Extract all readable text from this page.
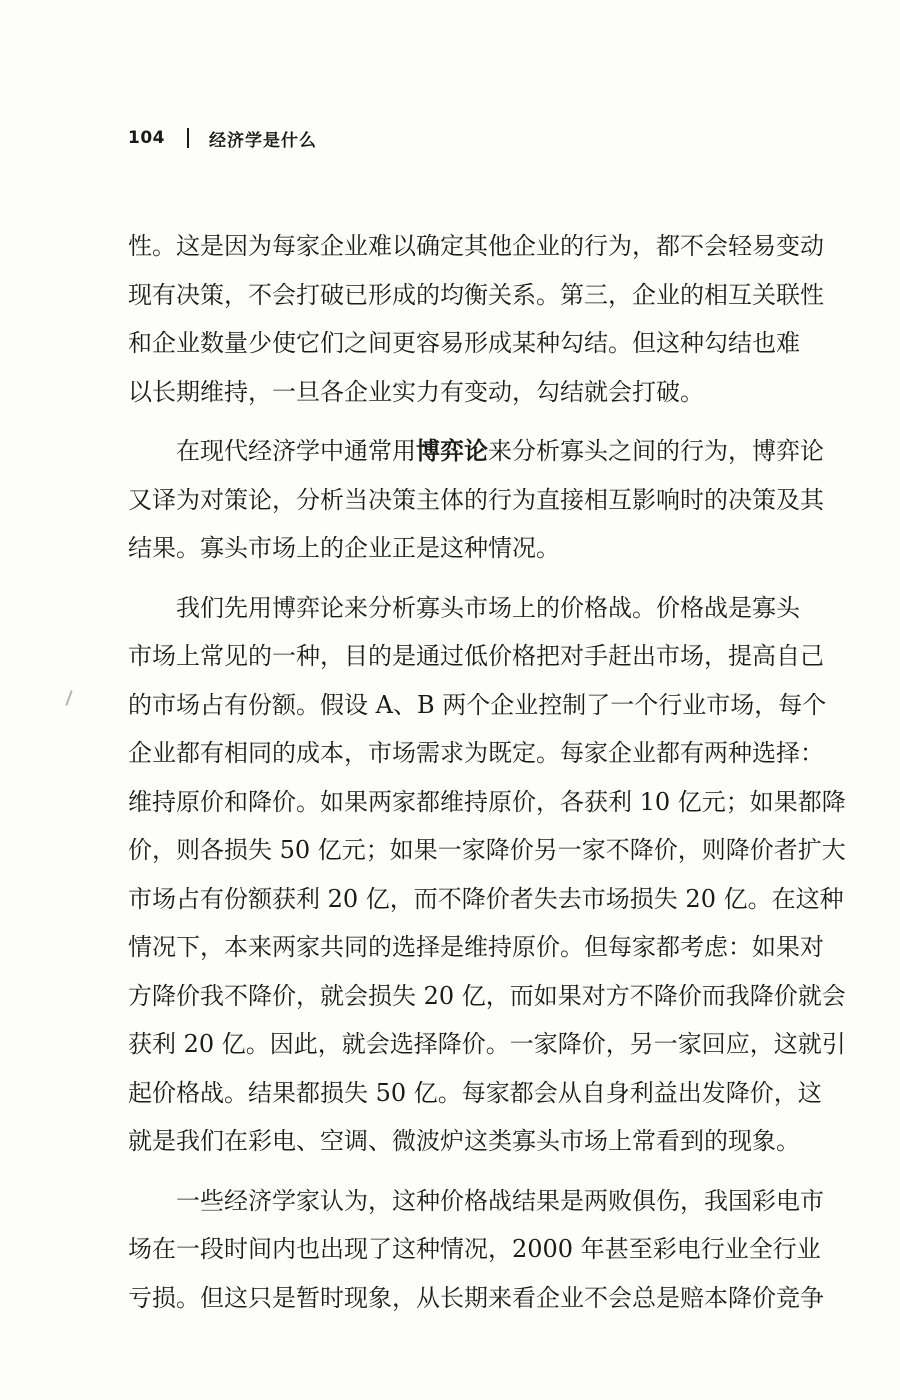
104	经济学是什么
性。这是因为每家企业难以确定其他企业的行为，都不会轻易变动
现有决策，不会打破已形成的均衡关系。第三，企业的相互关联性
和企业数量少使它们之间更容易形成某种勾结。但这种勾结也难
以长期维持，一旦各企业实力有变动，勾结就会打破。
在现代经济学中通常用博弈论来分析寡头之间的行为，博弈论
又译为对策论，分析当决策主体的行为直接相互影响时的决策及其
结果。寡头市场上的企业正是这种情况。
我们先用博弈论来分析寡头市场上的价格战。价格战是寡头
市场上常见的一种，目的是通过低价格把对手赶出市场，提高自己
的市场占有份额。假设 A、B 两个企业控制了一个行业市场，每个
企业都有相同的成本，市场需求为既定。每家企业都有两种选择：
维持原价和降价。如果两家都维持原价，各获利 10 亿元；如果都降
价，则各损失 50 亿元；如果一家降价另一家不降价，则降价者扩大
市场占有份额获利 20 亿，而不降价者失去市场损失 20 亿。在这种
情况下，本来两家共同的选择是维持原价。但每家都考虑：如果对
方降价我不降价，就会损失 20 亿，而如果对方不降价而我降价就会
获利 20 亿。因此，就会选择降价。一家降价，另一家回应，这就引
起价格战。结果都损失 50 亿。每家都会从自身利益出发降价，这
就是我们在彩电、空调、微波炉这类寡头市场上常看到的现象。
一些经济学家认为，这种价格战结果是两败俱伤，我国彩电市
场在一段时间内也出现了这种情况，2000 年甚至彩电行业全行业
亏损。但这只是暂时现象，从长期来看企业不会总是赔本降价竞争
